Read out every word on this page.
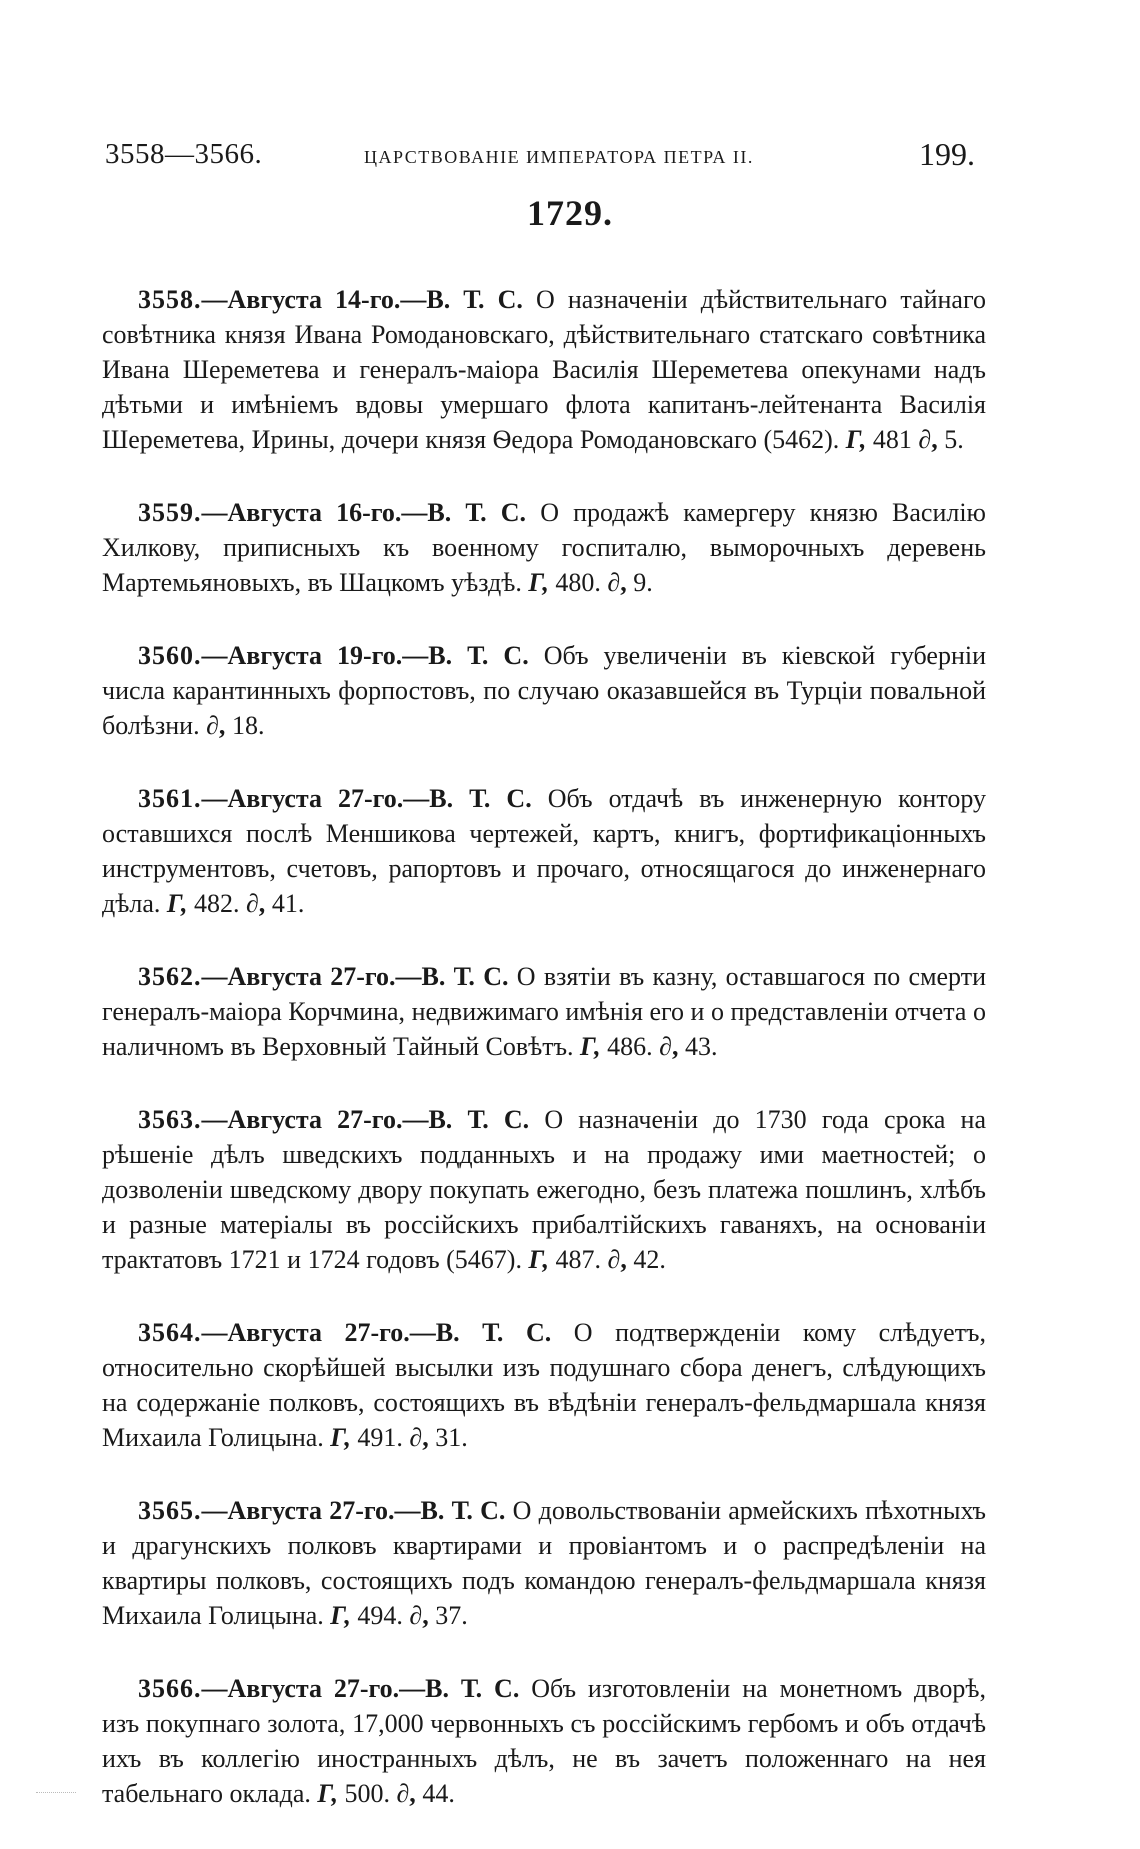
3558—3566.	ЦАРСТВОВАНІЕ ИМПЕРАТОРА ПЕТРА II.	199.
1729.

3558.—Августа 14-го.—В. Т. С. О назначеніи дѣйствительнаго тайнаго совѣтника князя Ивана Ромодановскаго, дѣйствительнаго статскаго совѣтника Ивана Шереметева и генералъ-маіора Василія Шереметева опекунами надъ дѣтьми и имѣніемъ вдовы умершаго флота капитанъ-лейтенанта Василія Шереметева, Ирины, дочери князя Ѳедора Ромодановскаго (5462). Г, 481 ∂, 5.

3559.—Августа 16-го.—В. Т. С. О продажѣ камергеру князю Василію Хилкову, приписныхъ къ военному госпиталю, выморочныхъ деревень Мартемьяновыхъ, въ Шацкомъ уѣздѣ. Г, 480. ∂, 9.

3560.—Августа 19-го.—В. Т. С. Объ увеличеніи въ кіевской губерніи числа карантинныхъ форпостовъ, по случаю оказавшейся въ Турціи повальной болѣзни. ∂, 18.

3561.—Августа 27-го.—В. Т. С. Объ отдачѣ въ инженерную контору оставшихся послѣ Меншикова чертежей, картъ, книгъ, фортификаціонныхъ инструментовъ, счетовъ, рапортовъ и прочаго, относящагося до инженернаго дѣла. Г, 482. ∂, 41.

3562.—Августа 27-го.—В. Т. С. О взятіи въ казну, оставшагося по смерти генералъ-маіора Корчмина, недвижимаго имѣнія его и о представленіи отчета о наличномъ въ Верховный Тайный Совѣтъ. Г, 486. ∂, 43.

3563.—Августа 27-го.—В. Т. С. О назначеніи до 1730 года срока на рѣшеніе дѣлъ шведскихъ подданныхъ и на продажу ими маетностей; о дозволеніи шведскому двору покупать ежегодно, безъ платежа пошлинъ, хлѣбъ и разные матеріалы въ россійскихъ прибалтійскихъ гаваняхъ, на основаніи трактатовъ 1721 и 1724 годовъ (5467). Г, 487. ∂, 42.

3564.—Августа 27-го.—В. Т. С. О подтвержденіи кому слѣдуетъ, относительно скорѣйшей высылки изъ подушнаго сбора денегъ, слѣдующихъ на содержаніе полковъ, состоящихъ въ вѣдѣніи генералъ-фельдмаршала князя Михаила Голицына. Г, 491. ∂, 31.

3565.—Августа 27-го.—В. Т. С. О довольствованіи армейскихъ пѣхотныхъ и драгунскихъ полковъ квартирами и провіантомъ и о распредѣленіи на квартиры полковъ, состоящихъ подъ командою генералъ-фельдмаршала князя Михаила Голицына. Г, 494. ∂, 37.

3566.—Августа 27-го.—В. Т. С. Объ изготовленіи на монетномъ дворѣ, изъ покупнаго золота, 17,000 червонныхъ съ россійскимъ гербомъ и объ отдачѣ ихъ въ коллегію иностранныхъ дѣлъ, не въ зачетъ положеннаго на нея табельнаго оклада. Г, 500. ∂, 44.
